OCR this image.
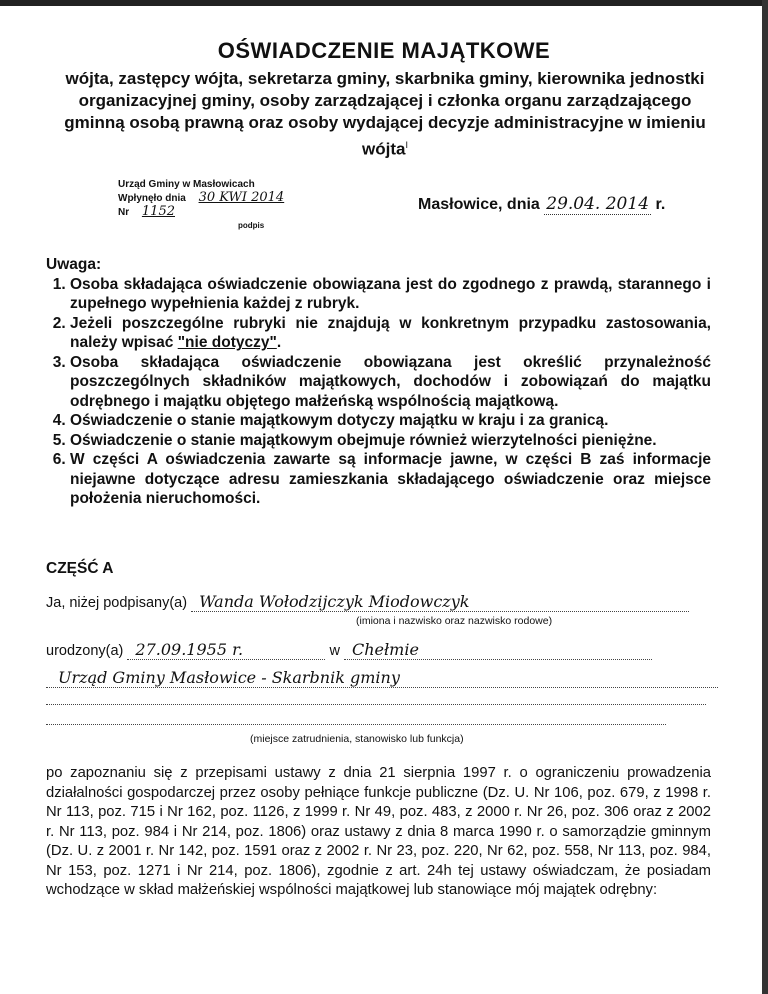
OŚWIADCZENIE MAJĄTKOWE
wójta, zastępcy wójta, sekretarza gminy, skarbnika gminy, kierownika jednostki organizacyjnej gminy, osoby zarządzającej i członka organu zarządzającego gminną osobą prawną oraz osoby wydającej decyzje administracyjne w imieniu wójta$^I$
Urząd Gminy w Masłowicach
Wpłynęło dnia 30 KWI 2014
Nr 1152
podpis
Masłowice, dnia 29.04. 2014 r.
Uwaga:
1. Osoba składająca oświadczenie obowiązana jest do zgodnego z prawdą, starannego i zupełnego wypełnienia każdej z rubryk.
2. Jeżeli poszczególne rubryki nie znajdują w konkretnym przypadku zastosowania, należy wpisać "nie dotyczy".
3. Osoba składająca oświadczenie obowiązana jest określić przynależność poszczególnych składników majątkowych, dochodów i zobowiązań do majątku odrębnego i majątku objętego małżeńską wspólnością majątkową.
4. Oświadczenie o stanie majątkowym dotyczy majątku w kraju i za granicą.
5. Oświadczenie o stanie majątkowym obejmuje również wierzytelności pieniężne.
6. W części A oświadczenia zawarte są informacje jawne, w części B zaś informacje niejawne dotyczące adresu zamieszkania składającego oświadczenie oraz miejsce położenia nieruchomości.
CZĘŚĆ A
Ja, niżej podpisany(a) Wanda Wołodzijczyk Miodowczyk
(imiona i nazwisko oraz nazwisko rodowe)
urodzony(a) 27.09.1955 r.	w Chełmie
Urząd Gminy Masłowice - Skarbnik gminy
(miejsce zatrudnienia, stanowisko lub funkcja)
po zapoznaniu się z przepisami ustawy z dnia 21 sierpnia 1997 r. o ograniczeniu prowadzenia działalności gospodarczej przez osoby pełniące funkcje publiczne (Dz. U. Nr 106, poz. 679, z 1998 r. Nr 113, poz. 715 i Nr 162, poz. 1126, z 1999 r. Nr 49, poz. 483, z 2000 r. Nr 26, poz. 306 oraz z 2002 r. Nr 113, poz. 984 i Nr 214, poz. 1806) oraz ustawy z dnia 8 marca 1990 r. o samorządzie gminnym (Dz. U. z 2001 r. Nr 142, poz. 1591 oraz z 2002 r. Nr 23, poz. 220, Nr 62, poz. 558, Nr 113, poz. 984, Nr 153, poz. 1271 i Nr 214, poz. 1806), zgodnie z art. 24h tej ustawy oświadczam, że posiadam wchodzące w skład małżeńskiej wspólności majątkowej lub stanowiące mój majątek odrębny:
